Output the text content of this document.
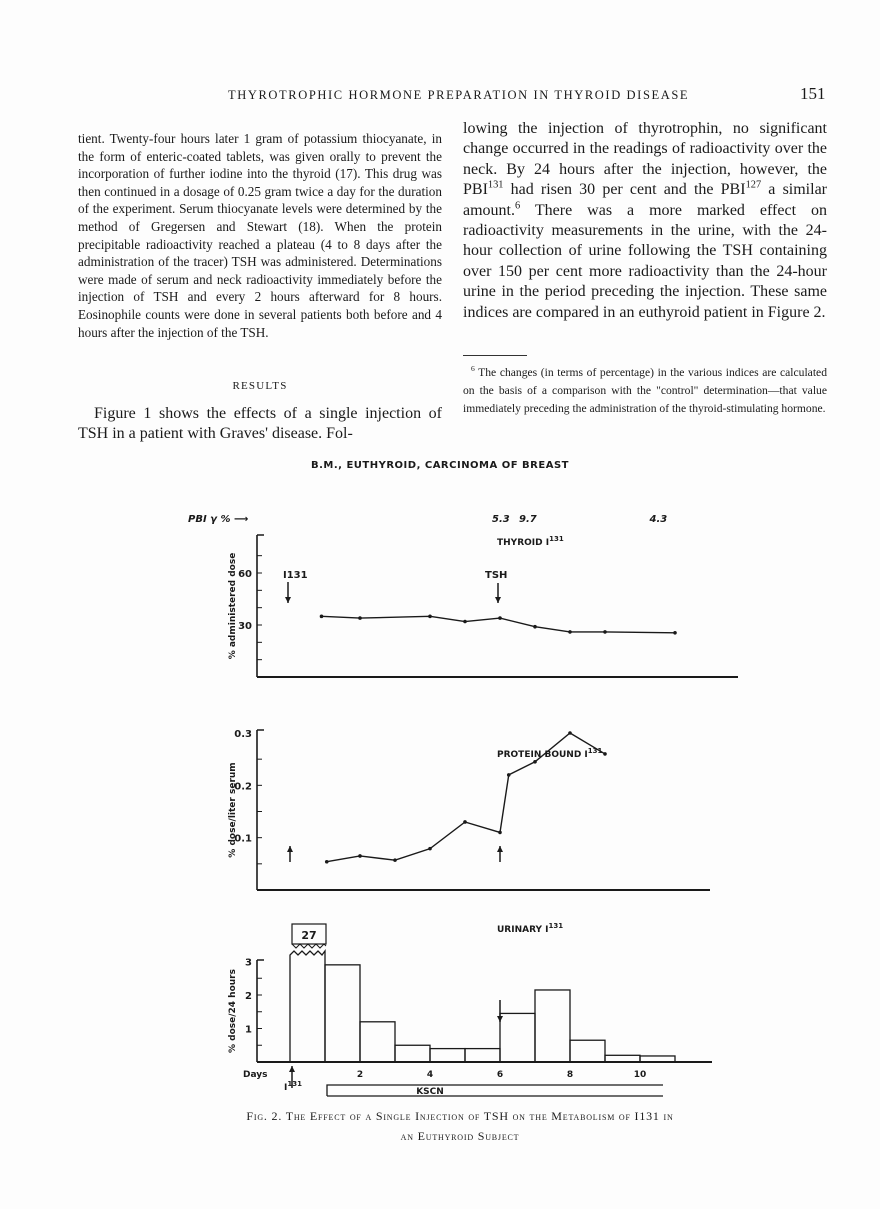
THYROTROPHIC HORMONE PREPARATION IN THYROID DISEASE	151

tient. Twenty-four hours later 1 gram of potassium thiocyanate, in the form of enteric-coated tablets, was given orally to prevent the incorporation of further iodine into the thyroid (17). This drug was then continued in a dosage of 0.25 gram twice a day for the duration of the experiment. Serum thiocyanate levels were determined by the method of Gregersen and Stewart (18). When the protein precipitable radioactivity reached a plateau (4 to 8 days after the administration of the tracer) TSH was administered. Determinations were made of serum and neck radioactivity immediately before the injection of TSH and every 2 hours afterward for 8 hours. Eosinophile counts were done in several patients both before and 4 hours after the injection of the TSH.

RESULTS

Figure 1 shows the effects of a single injection of TSH in a patient with Graves' disease. Fol-

lowing the injection of thyrotrophin, no significant change occurred in the readings of radioactivity over the neck. By 24 hours after the injection, however, the PBI$^{131}$ had risen 30 per cent and the PBI$^{127}$ a similar amount.$^6$ There was a more marked effect on radioactivity measurements in the urine, with the 24-hour collection of urine following the TSH containing over 150 per cent more radioactivity than the 24-hour urine in the period preceding the injection. These same indices are compared in an euthyroid patient in Figure 2.

$^6$ The changes (in terms of percentage) in the various indices are calculated on the basis of a comparison with the "control" determination—that value immediately preceding the administration of the thyroid-stimulating hormone.

B.M., EUTHYROID, CARCINOMA OF BREAST
PBI γ % ⟶	5.3 9.7	4.3
60
30
% administered dose
0.3
0.2
0.1
% dose/liter serum
3
2
1
% dose/24 hours
I131	TSH
27
2	4	6	8	10
Days
$I^{131}$
KSCN
THYROID $I^{131}$
PROTEIN BOUND $I^{131}$
URINARY $I^{131}$
Fig. 2. The Effect of a Single Injection of TSH on the Metabolism of I131 in
an Euthyroid Subject
